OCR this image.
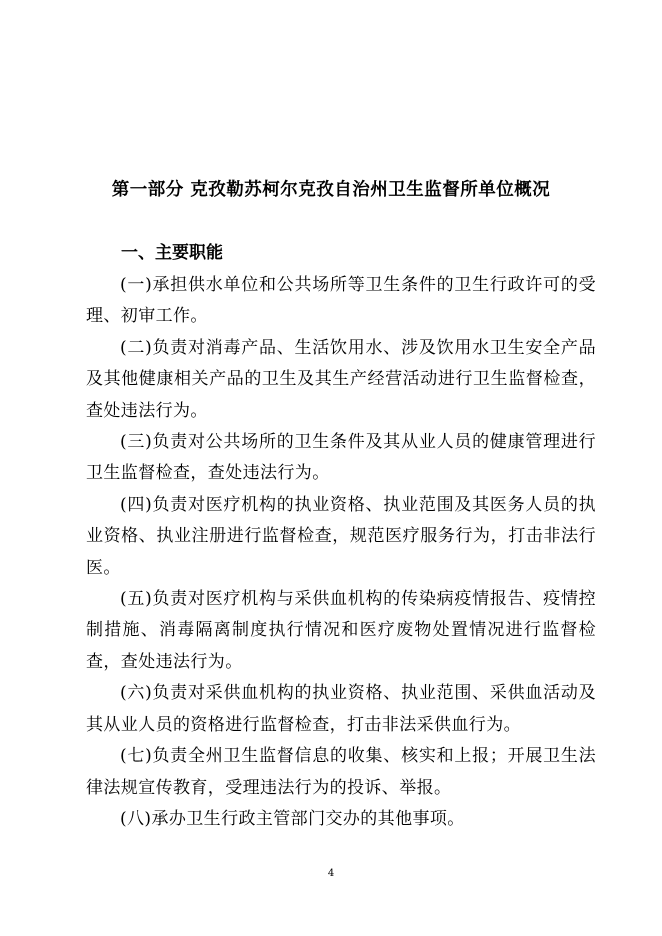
第一部分 克孜勒苏柯尔克孜自治州卫生监督所单位概况
一、主要职能

(一)承担供水单位和公共场所等卫生条件的卫生行政许可的受理、初审工作。

(二)负责对消毒产品、生活饮用水、涉及饮用水卫生安全产品及其他健康相关产品的卫生及其生产经营活动进行卫生监督检查，查处违法行为。

(三)负责对公共场所的卫生条件及其从业人员的健康管理进行卫生监督检查，查处违法行为。

(四)负责对医疗机构的执业资格、执业范围及其医务人员的执业资格、执业注册进行监督检查，规范医疗服务行为，打击非法行医。

(五)负责对医疗机构与采供血机构的传染病疫情报告、疫情控制措施、消毒隔离制度执行情况和医疗废物处置情况进行监督检查，查处违法行为。

(六)负责对采供血机构的执业资格、执业范围、采供血活动及其从业人员的资格进行监督检查，打击非法采供血行为。

(七)负责全州卫生监督信息的收集、核实和上报；开展卫生法律法规宣传教育，受理违法行为的投诉、举报。

(八)承办卫生行政主管部门交办的其他事项。

4
